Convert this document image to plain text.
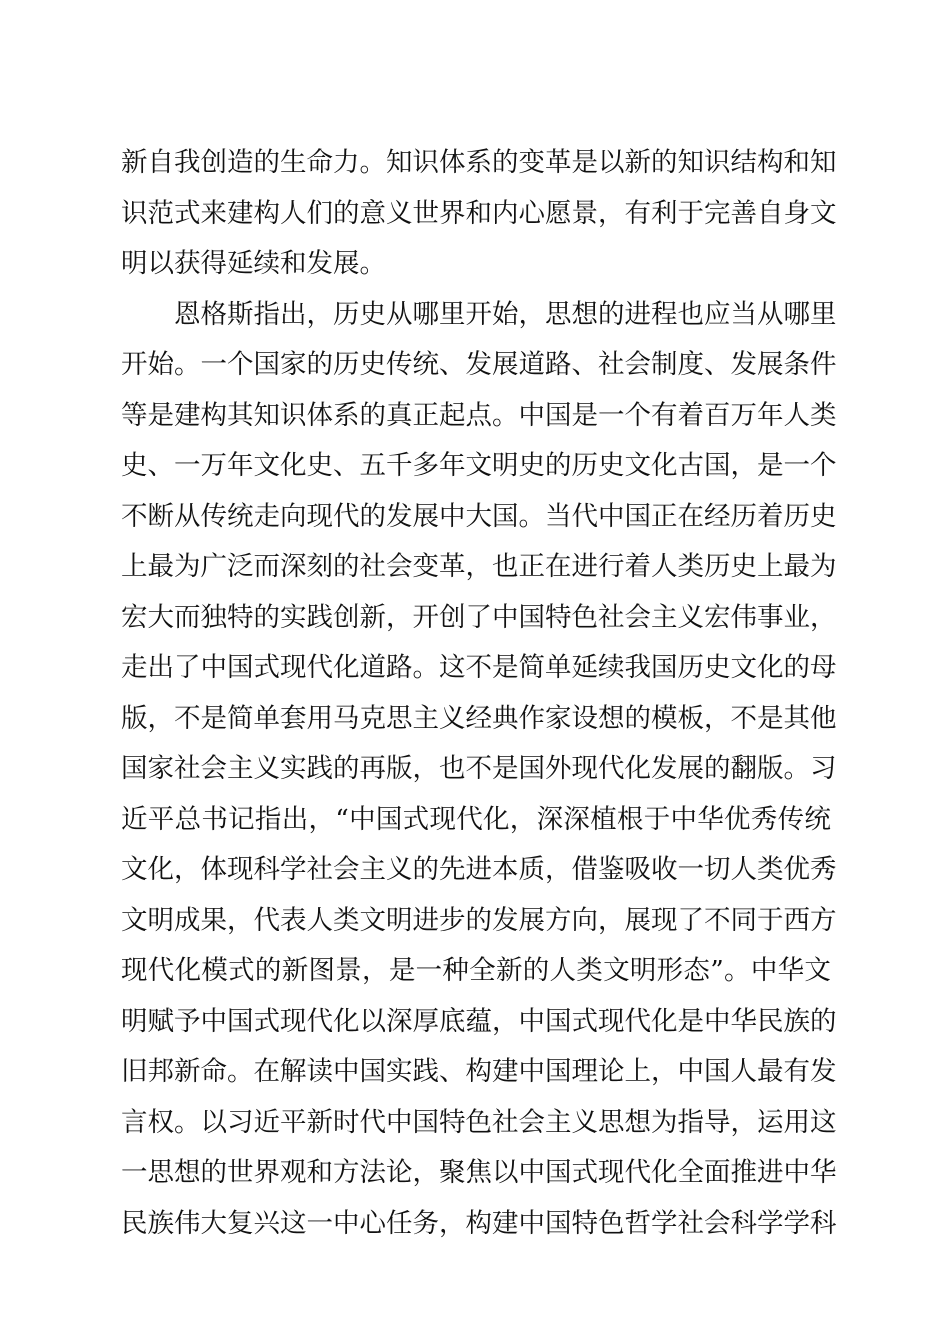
新 自 我 创 造 的 生 命 力 。 知 识 体 系 的 变 革 是 以 新 的 知 识 结 构 和 知
识 范 式 来 建 构 人 们 的 意 义 世 界 和 内 心 愿 景 ， 有 利 于 完 善 自 身 文
明以获得延续和发展。
恩 格 斯 指 出 ， 历 史 从 哪 里 开 始 ， 思 想 的 进 程 也 应 当 从 哪 里
开 始 。 一 个 国 家 的 历 史 传 统 、 发 展 道 路 、 社 会 制 度 、 发 展 条 件
等 是 建 构 其 知 识 体 系 的 真 正 起 点 。 中 国 是 一 个 有 着 百 万 年 人 类
史 、 一 万 年 文 化 史 、 五 千 多 年 文 明 史 的 历 史 文 化 古 国 ， 是 一 个
不 断 从 传 统 走 向 现 代 的 发 展 中 大 国 。 当 代 中 国 正 在 经 历 着 历 史
上 最 为 广 泛 而 深 刻 的 社 会 变 革 ， 也 正 在 进 行 着 人 类 历 史 上 最 为
宏 大 而 独 特 的 实 践 创 新 ， 开 创 了 中 国 特 色 社 会 主 义 宏 伟 事 业 ，
走 出 了 中 国 式 现 代 化 道 路 。 这 不 是 简 单 延 续 我 国 历 史 文 化 的 母
版 ， 不 是 简 单 套 用 马 克 思 主 义 经 典 作 家 设 想 的 模 板 ， 不 是 其 他
国 家 社 会 主 义 实 践 的 再 版 ， 也 不 是 国 外 现 代 化 发 展 的 翻 版 。 习
近 平 总 书 记 指 出 ， “ 中 国 式 现 代 化 ， 深 深 植 根 于 中 华 优 秀 传 统
文 化 ， 体 现 科 学 社 会 主 义 的 先 进 本 质 ， 借 鉴 吸 收 一 切 人 类 优 秀
文 明 成 果 ， 代 表 人 类 文 明 进 步 的 发 展 方 向 ， 展 现 了 不 同 于 西 方
现 代 化 模 式 的 新 图 景 ， 是 一 种 全 新 的 人 类 文 明 形 态 ” 。 中 华 文
明 赋 予 中 国 式 现 代 化 以 深 厚 底 蕴 ， 中 国 式 现 代 化 是 中 华 民 族 的
旧 邦 新 命 。 在 解 读 中 国 实 践 、 构 建 中 国 理 论 上 ， 中 国 人 最 有 发
言 权 。 以 习 近 平 新 时 代 中 国 特 色 社 会 主 义 思 想 为 指 导 ， 运 用 这
一 思 想 的 世 界 观 和 方 法 论 ， 聚 焦 以 中 国 式 现 代 化 全 面 推 进 中 华
民 族 伟 大 复 兴 这 一 中 心 任 务 ， 构 建 中 国 特 色 哲 学 社 会 科 学 学 科
